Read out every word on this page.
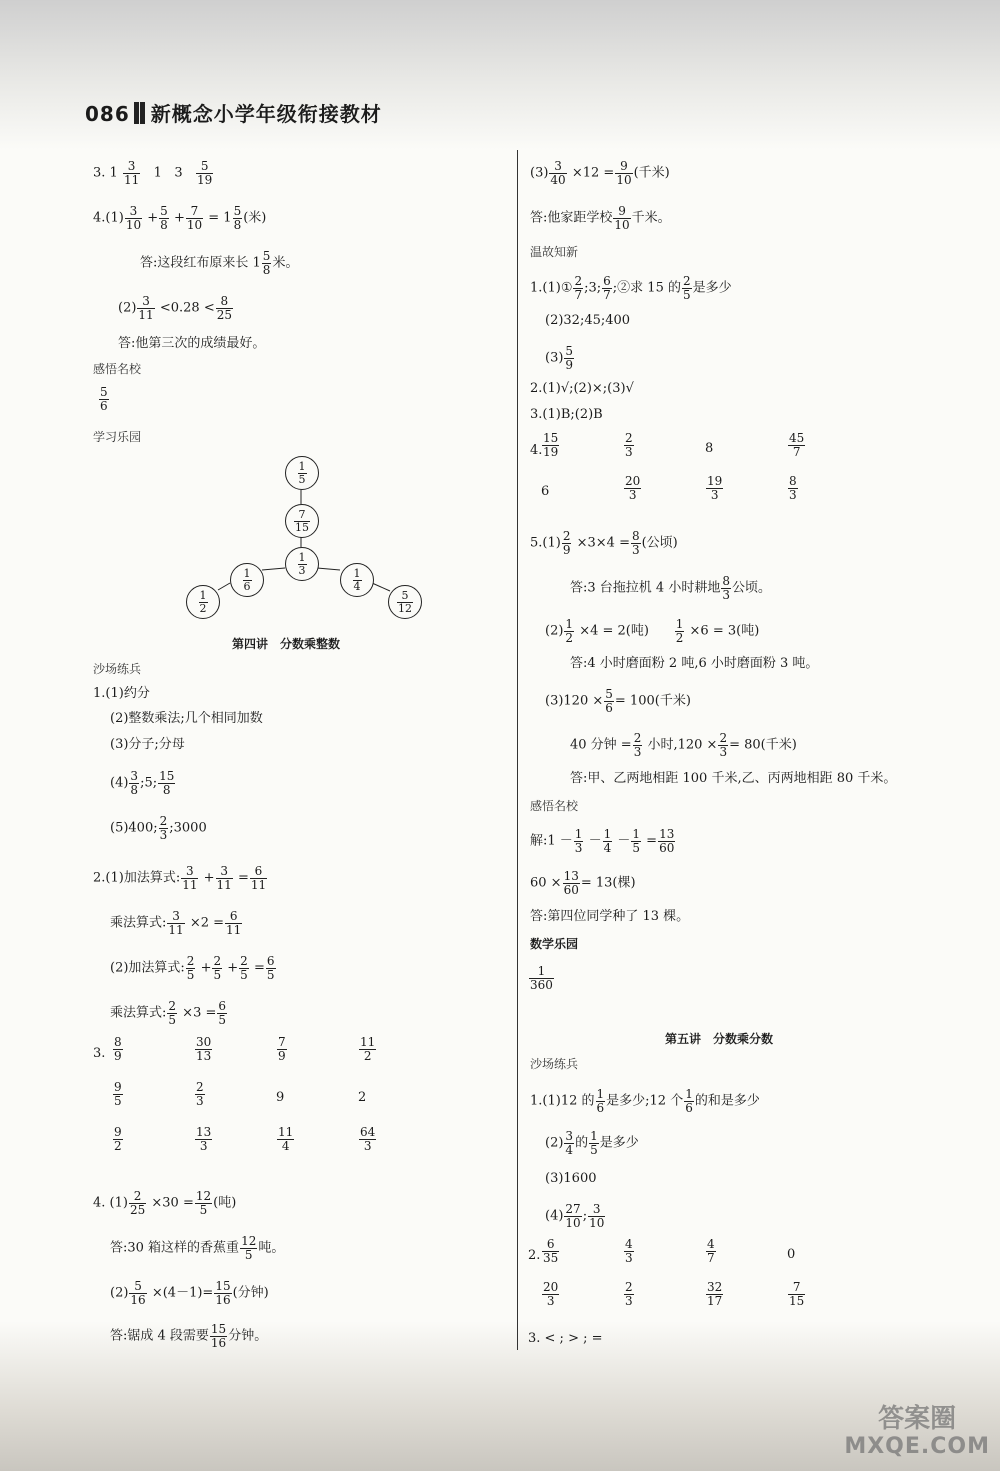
086 新概念小学年级衔接教材
3. $1 \frac{3}{11} 1$ $3 \frac{5}{19}$
$4.(1) \frac{3}{10} + \frac{5}{8} + \frac{7}{10} = 1 \frac{5}{8}$ (米)
答:这段红布原来长 $1 \frac{5}{8}$ 米。
$(2) \frac{3}{11} <0.28 < \frac{8}{25}$
答:他第三次的成绩最好。
感悟名校
$\frac{5}{6}$
学习乐园
$\frac{1}{5}$
$\frac{7}{15}$
$\frac{1}{3}$
$\frac{1}{6}$
$\frac{1}{2}$
$\frac{1}{4}$
$\frac{5}{12}$
第四讲　分数乘整数
沙场练兵
1.(1)约分
(2)整数乘法;几个相同加数
(3)分子;分母
$(4) \frac{3}{8}$ ;5; $\frac{15}{8}$
(5)400; $\frac{2}{3}$ ;3000
2.(1)加法算式: $\frac{3}{11} + \frac{3}{11} = \frac{6}{11}$
乘法算式: $\frac{3}{11} \times 2 = \frac{6}{11}$
(2)加法算式: $\frac{2}{5} + \frac{2}{5} + \frac{2}{5} = \frac{6}{5}$
乘法算式: $\frac{2}{5} \times 3 = \frac{6}{5}$
3.
4. $(1) \frac{2}{25} \times 30 = \frac{12}{5}$ (吨)
答:30 箱这样的香蕉重 $\frac{12}{5}$ 吨。
$(2) \frac{5}{16} \times(4-1)= \frac{15}{16}$ (分钟)
答:锯成 4 段需要 $\frac{15}{16}$ 分钟。
$(3) \frac{3}{40} \times 12 = \frac{9}{10}$ (千米)
答:他家距学校 $\frac{9}{10}$ 千米。
温故知新
1.(1)① $\frac{2}{7}$ ;3; $\frac{6}{7}$ ;②求 15 的 $\frac{2}{5}$ 是多少
(2)32;45;400
$(3) \frac{5}{9}$
2.(1)√;(2)×;(3)√
3.(1)B;(2)B
4.
$5.(1) \frac{2}{9} \times 3\times 4 = \frac{8}{3}$ (公顷)
答:3 台拖拉机 4 小时耕地 $\frac{8}{3}$ 公顷。
$(2) \frac{1}{2} \times 4 = 2$(吨) $\frac{1}{2} \times 6 = 3$(吨)
答:4 小时磨面粉 2 吨,6 小时磨面粉 3 吨。
$(3)120 \times \frac{5}{6} = 100$(千米)
40 分钟 = $\frac{2}{3}$ 小时$,120 \times \frac{2}{3} = 80$(千米)
答:甲、乙两地相距 100 千米,乙、丙两地相距 80 千米。
感悟名校
解:1 － $\frac{1}{3} - \frac{1}{4} - \frac{1}{5} = \frac{13}{60}$
$60 \times \frac{13}{60} = 13$(棵)
答:第四位同学种了 13 棵。
数学乐园
$\frac{1}{360}$
第五讲　分数乘分数
沙场练兵
1.(1)12 的 $\frac{1}{6}$ 是多少;12 个 $\frac{1}{6}$ 的和是多少
$(2) \frac{3}{4}$ 的 $\frac{1}{5}$ 是多少
(3)1600
$(4) \frac{27}{10}$ ; $\frac{3}{10}$
2.
3. < ; > ; =
答案圈
MXQE.COM
$\frac{8}{9}$	$\frac{30}{13}$	$\frac{7}{9}$	$\frac{11}{2}$
$\frac{9}{5}$	$\frac{2}{3}$	9	2
$\frac{9}{2}$	$\frac{13}{3}$	$\frac{11}{4}$	$\frac{64}{3}$
$\frac{15}{19}$	$\frac{2}{3}$	8	$\frac{45}{7}$
6	$\frac{20}{3}$	$\frac{19}{3}$	$\frac{8}{3}$
$\frac{6}{35}$	$\frac{4}{3}$	$\frac{4}{7}$	0
$\frac{20}{3}$	$\frac{2}{3}$	$\frac{32}{17}$	$\frac{7}{15}$
